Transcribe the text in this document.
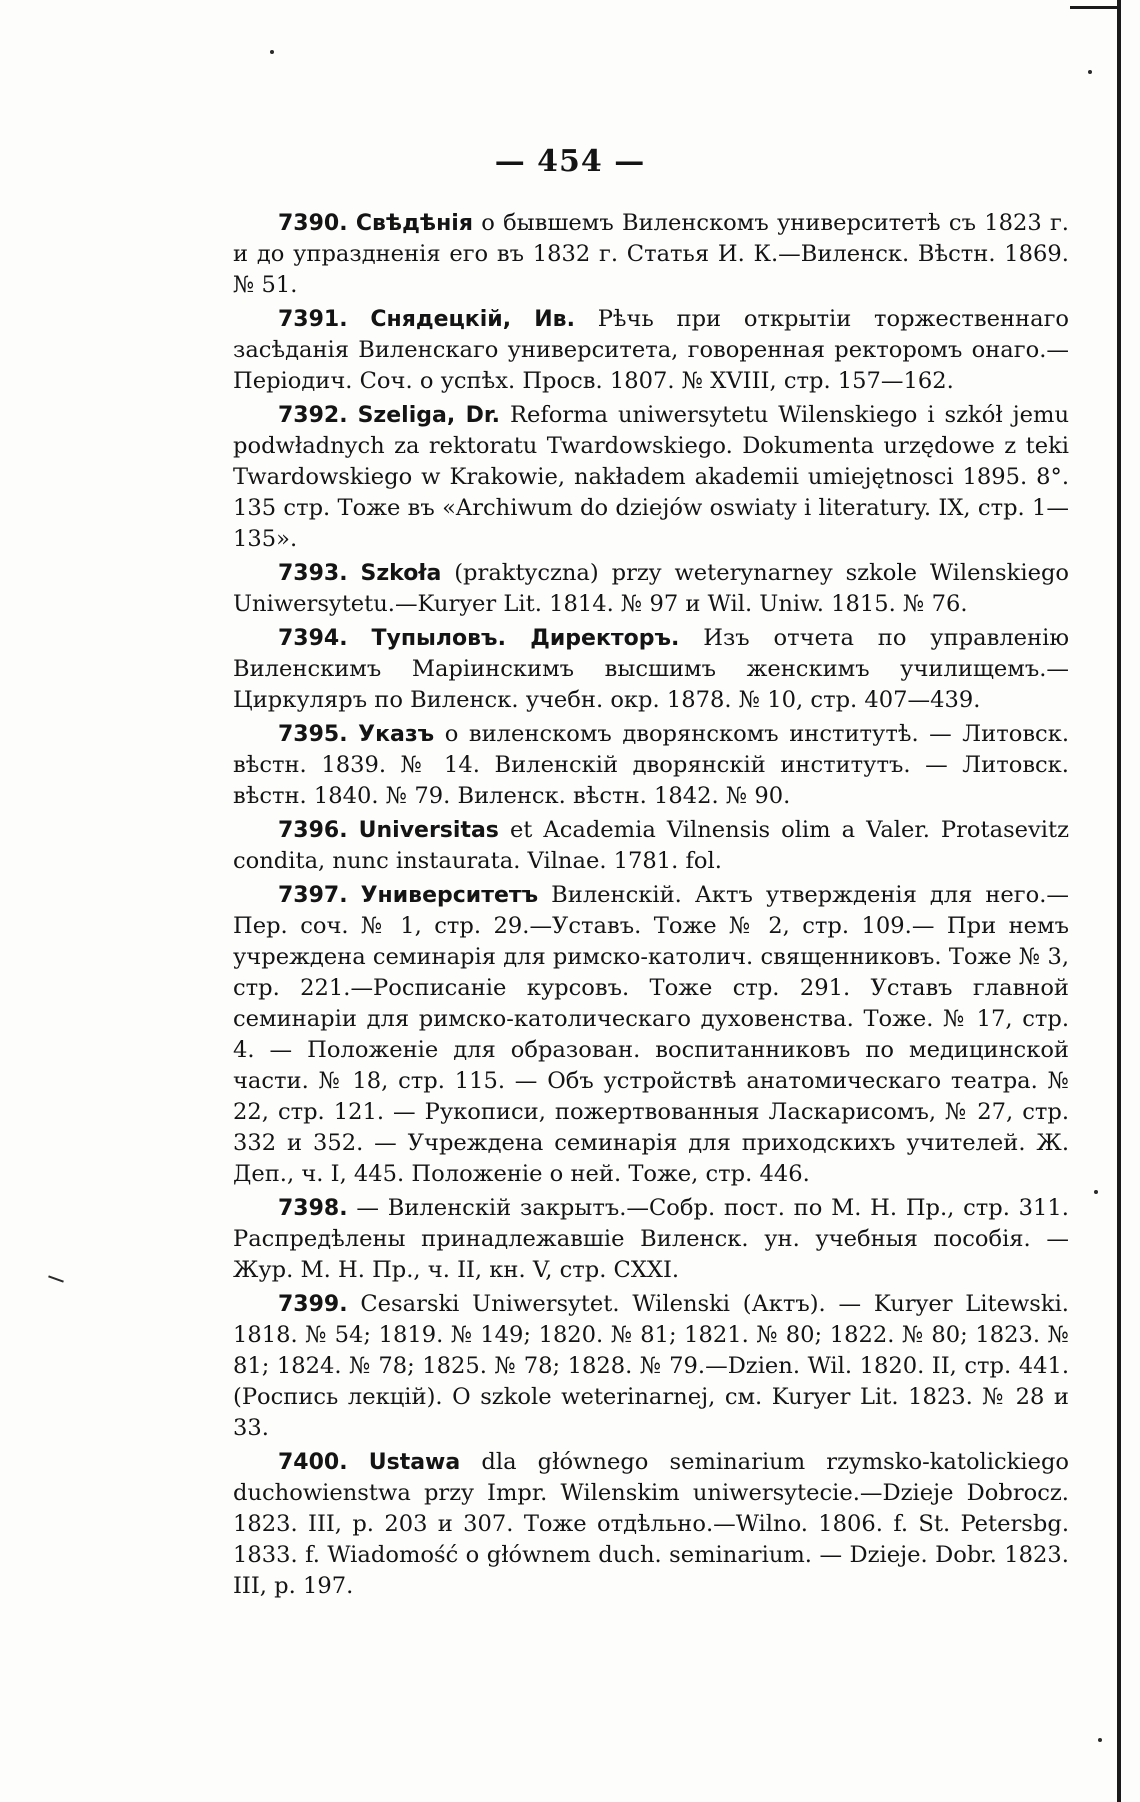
— 454 —

7390. Свѣдѣнія о бывшемъ Виленскомъ университетѣ съ 1823 г. и до упраздненія его въ 1832 г. Статья И. К.—Виленск. Вѣстн. 1869. № 51.

7391. Снядецкій, Ив. Рѣчь при открытіи торжественнаго засѣданія Виленскаго университета, говоренная ректоромъ онаго.— Періодич. Соч. о успѣх. Просв. 1807. № XVIII, стр. 157—162.

7392. Szeliga, Dr. Reforma uniwersytetu Wilenskiego i szkół jemu podwładnych za rektoratu Twardowskiego. Dokumenta urzędowe z teki Twardowskiego w Krakowie, nakładem akademii umiejętnosci 1895. 8°. 135 стр. Тоже въ «Archiwum do dziejów oswiaty i literatury. IX, стр. 1—135».

7393. Szkoła (praktyczna) przy weterynarney szkole Wilenskiego Uniwersytetu.—Kuryer Lit. 1814. № 97 и Wil. Uniw. 1815. № 76.

7394. Тупыловъ. Директоръ. Изъ отчета по управленію Виленскимъ Маріинскимъ высшимъ женскимъ училищемъ.—Циркуляръ по Виленск. учебн. окр. 1878. № 10, стр. 407—439.

7395. Указъ о виленскомъ дворянскомъ институтѣ. — Литовск. вѣстн. 1839. № 14. Виленскій дворянскій институтъ. — Литовск. вѣстн. 1840. № 79. Виленск. вѣстн. 1842. № 90.

7396. Universitas et Academia Vilnensis olim a Valer. Protasevitz condita, nunc instaurata. Vilnae. 1781. fol.

7397. Университетъ Виленскій. Актъ утвержденія для него.—Пер. соч. № 1, стр. 29.—Уставъ. Тоже № 2, стр. 109.— При немъ учреждена семинарія для римско-католич. священниковъ. Тоже № 3, стр. 221.—Росписаніе курсовъ. Тоже стр. 291. Уставъ главной семинаріи для римско-католическаго духовенства. Тоже. № 17, стр. 4. — Положеніе для образован. воспитанниковъ по медицинской части. № 18, стр. 115. — Объ устройствѣ анатомическаго театра. № 22, стр. 121. — Рукописи, пожертвованныя Ласкарисомъ, № 27, стр. 332 и 352. — Учреждена семинарія для приходскихъ учителей. Ж. Деп., ч. I, 445. Положеніе о ней. Тоже, стр. 446.

7398. — Виленскій закрытъ.—Собр. пост. по М. Н. Пр., стр. 311. Распредѣлены принадлежавшіе Виленск. ун. учебныя пособія. — Жур. М. Н. Пр., ч. II, кн. V, стр. CXXI.

7399. Cesarski Uniwersytet. Wilenski (Актъ). — Kuryer Litewski. 1818. № 54; 1819. № 149; 1820. № 81; 1821. № 80; 1822. № 80; 1823. № 81; 1824. № 78; 1825. № 78; 1828. № 79.—Dzien. Wil. 1820. II, стр. 441. (Роспись лекцій). О szkole weterinarnej, см. Kuryer Lit. 1823. № 28 и 33.

7400. Ustawa dla głównego seminarium rzymsko-katolickiego duchowienstwa przy Impr. Wilenskim uniwersytecie.—Dzieje Dobrocz. 1823. III, p. 203 и 307. Тоже отдѣльно.—Wilno. 1806. f. St. Petersbg. 1833. f. Wiadomość o głównem duch. seminarium. — Dzieje. Dobr. 1823. III, p. 197.
